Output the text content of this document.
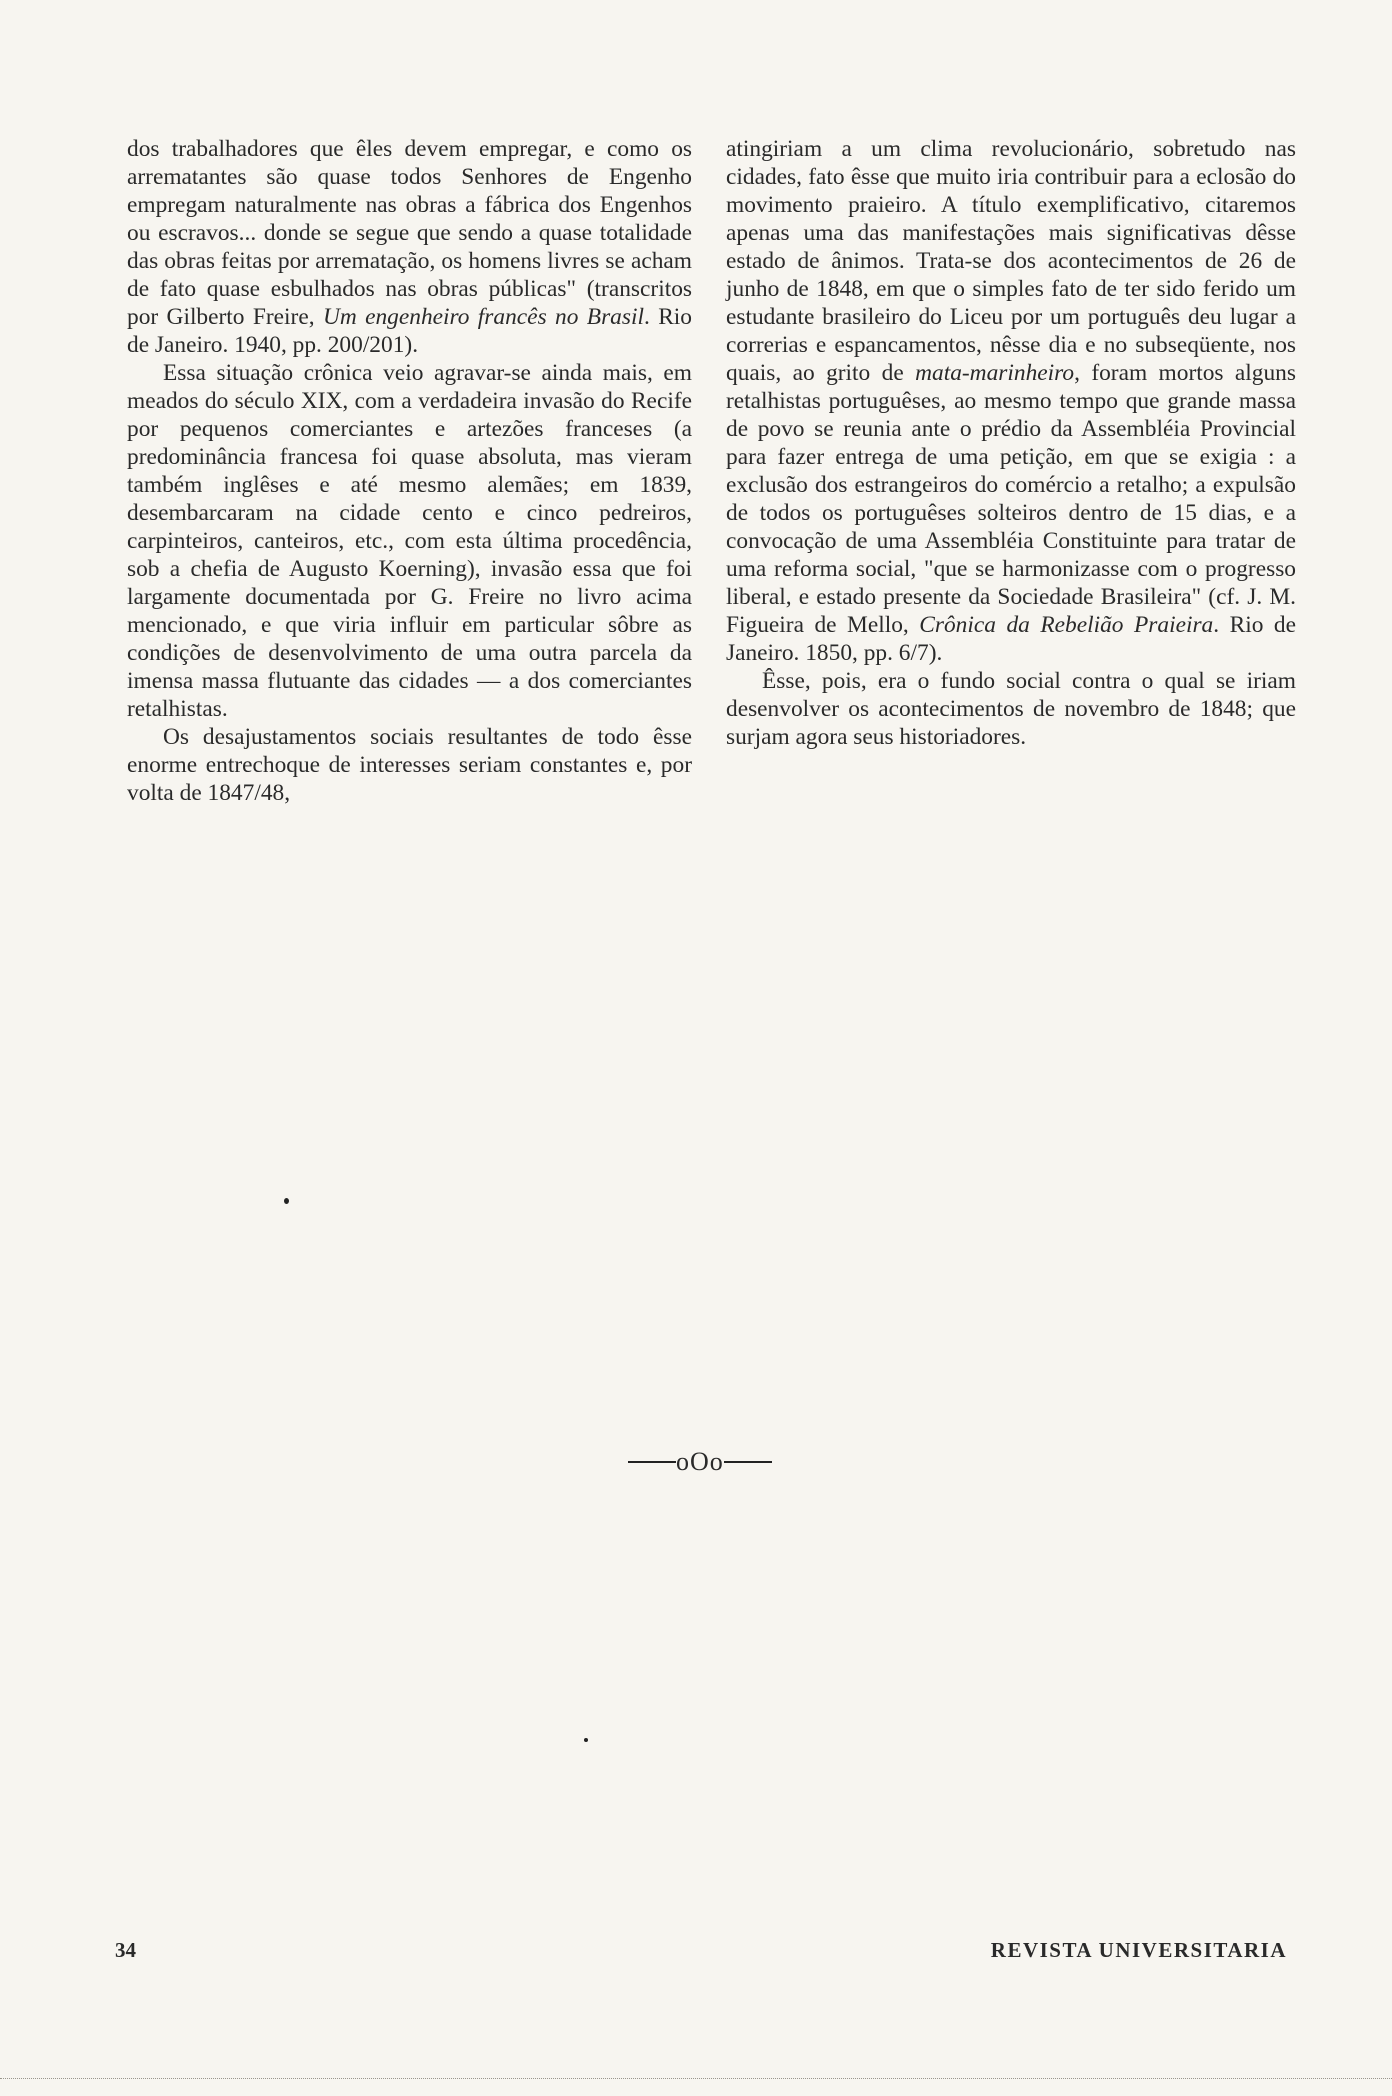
dos trabalhadores que êles devem empregar, e como os arrematantes são quase todos Senhores de Engenho empregam naturalmente nas obras a fábrica dos Engenhos ou escravos... donde se segue que sendo a quase totalidade das obras feitas por arrematação, os homens livres se acham de fato quase esbulhados nas obras públicas" (transcritos por Gilberto Freire, Um engenheiro francês no Brasil. Rio de Janeiro. 1940, pp. 200/201).

Essa situação crônica veio agravar-se ainda mais, em meados do século XIX, com a verdadeira invasão do Recife por pequenos comerciantes e artezões franceses (a predominância francesa foi quase absoluta, mas vieram também inglêses e até mesmo alemães; em 1839, desembarcaram na cidade cento e cinco pedreiros, carpinteiros, canteiros, etc., com esta última procedência, sob a chefia de Augusto Koerning), invasão essa que foi largamente documentada por G. Freire no livro acima mencionado, e que viria influir em particular sôbre as condições de desenvolvimento de uma outra parcela da imensa massa flutuante das cidades — a dos comerciantes retalhistas.

Os desajustamentos sociais resultantes de todo êsse enorme entrechoque de interesses seriam constantes e, por volta de 1847/48,

atingiriam a um clima revolucionário, sobretudo nas cidades, fato êsse que muito iria contribuir para a eclosão do movimento praieiro. A título exemplificativo, citaremos apenas uma das manifestações mais significativas dêsse estado de ânimos. Trata-se dos acontecimentos de 26 de junho de 1848, em que o simples fato de ter sido ferido um estudante brasileiro do Liceu por um português deu lugar a correrias e espancamentos, nêsse dia e no subseqüente, nos quais, ao grito de mata-marinheiro, foram mortos alguns retalhistas portuguêses, ao mesmo tempo que grande massa de povo se reunia ante o prédio da Assembléia Provincial para fazer entrega de uma petição, em que se exigia : a exclusão dos estrangeiros do comércio a retalho; a expulsão de todos os portuguêses solteiros dentro de 15 dias, e a convocação de uma Assembléia Constituinte para tratar de uma reforma social, "que se harmonizasse com o progresso liberal, e estado presente da Sociedade Brasileira" (cf. J. M. Figueira de Mello, Crônica da Rebelião Praieira. Rio de Janeiro. 1850, pp. 6/7).

Êsse, pois, era o fundo social contra o qual se iriam desenvolver os acontecimentos de novembro de 1848; que surjam agora seus historiadores.

oOo
34	REVISTA UNIVERSITARIA
